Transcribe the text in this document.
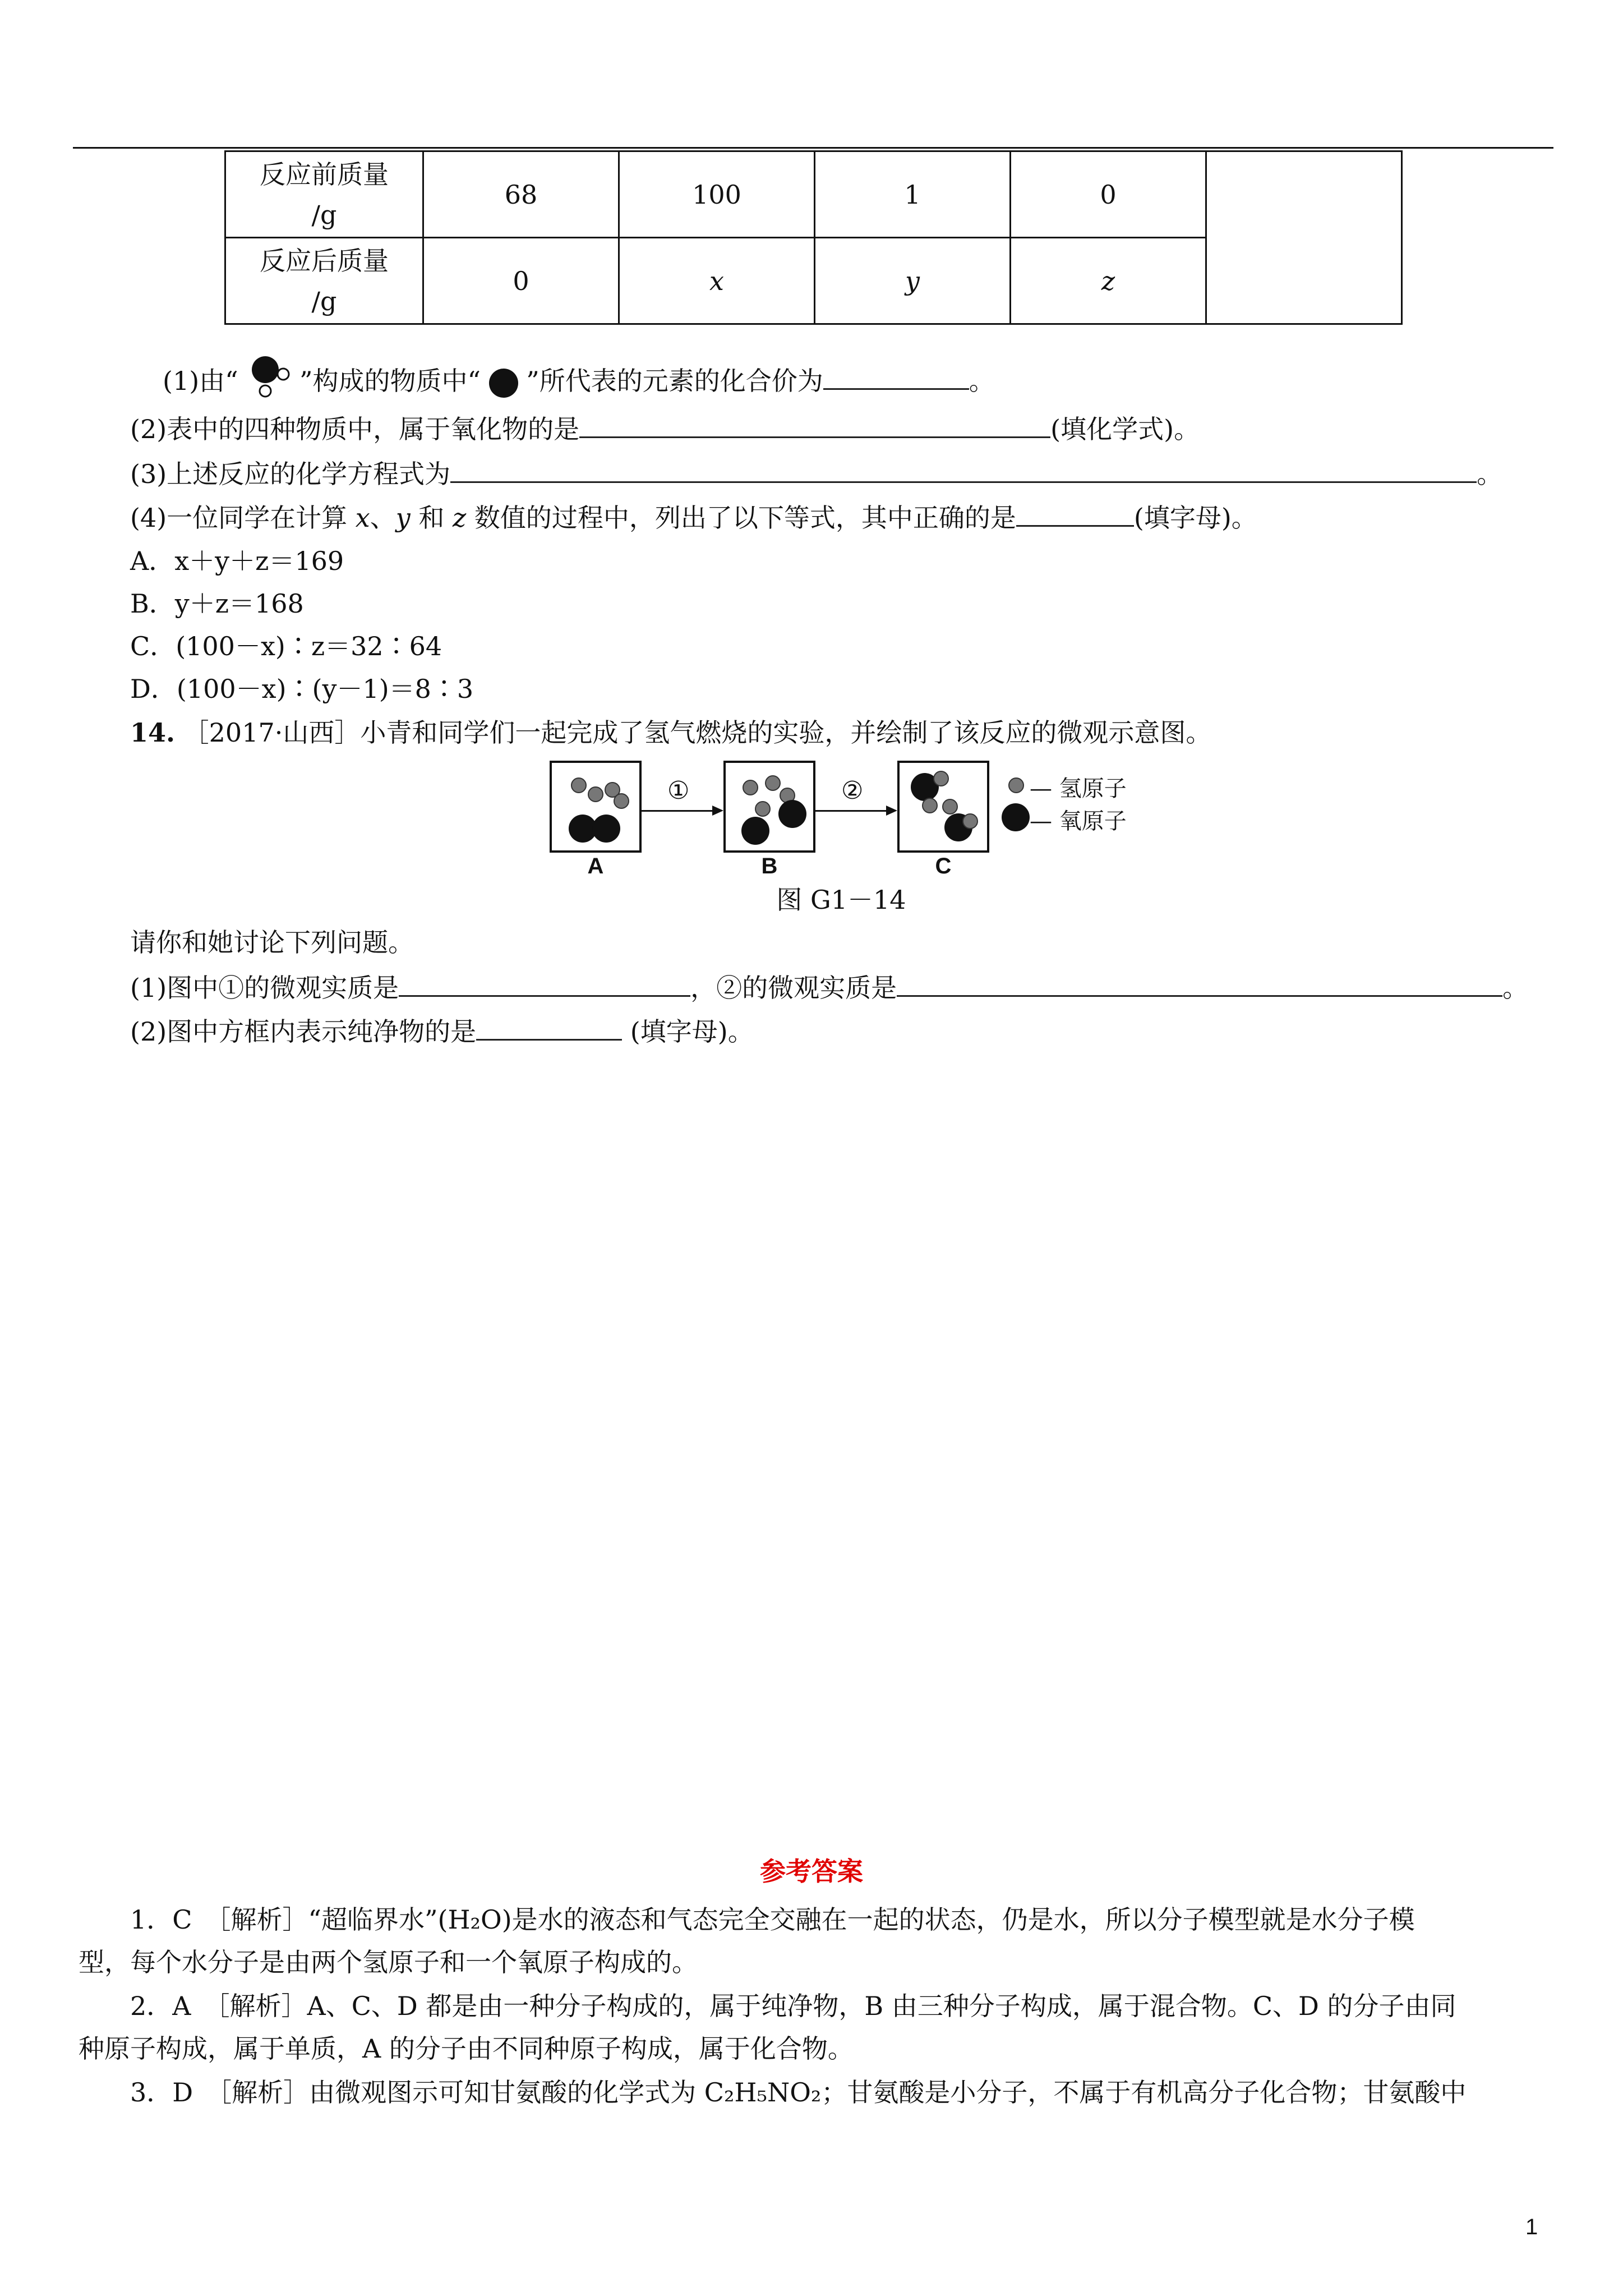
反应前质量
/g	68	100	1	0	

反应后质量
/g	0	x	y	z	
(1)由“ ”构成的物质中“ ”所代表的元素的化合价为	。
(2)表中的四种物质中，属于氧化物的是	(填化学式)。
(3)上述反应的化学方程式为	。
(4)一位同学在计算 x、y 和 z 数值的过程中，列出了以下等式，其中正确的是	(填字母)。
A．x＋y＋z＝169
B．y＋z＝168
C．(100－x)∶z＝32∶64
D．(100－x)∶(y－1)＝8∶3
14. ［2017·山西］小青和同学们一起完成了氢气燃烧的实验，并绘制了该反应的微观示意图。
A
①
B
②
C
— 氢原子
— 氧原子
图 G1－14
请你和她讨论下列问题。
(1)图中①的微观实质是	，②的微观实质是	。
(2)图中方框内表示纯净物的是	(填字母)。
参考答案
1．C　［解析］“超临界水”(H₂O)是水的液态和气态完全交融在一起的状态，仍是水，所以分子模型就是水分子模
型，每个水分子是由两个氢原子和一个氧原子构成的。
2．A　［解析］A、C、D 都是由一种分子构成的，属于纯净物，B 由三种分子构成，属于混合物。C、D 的分子由同
种原子构成，属于单质，A 的分子由不同种原子构成，属于化合物。
3．D　［解析］由微观图示可知甘氨酸的化学式为 C₂H₅NO₂；甘氨酸是小分子，不属于有机高分子化合物；甘氨酸中
1
